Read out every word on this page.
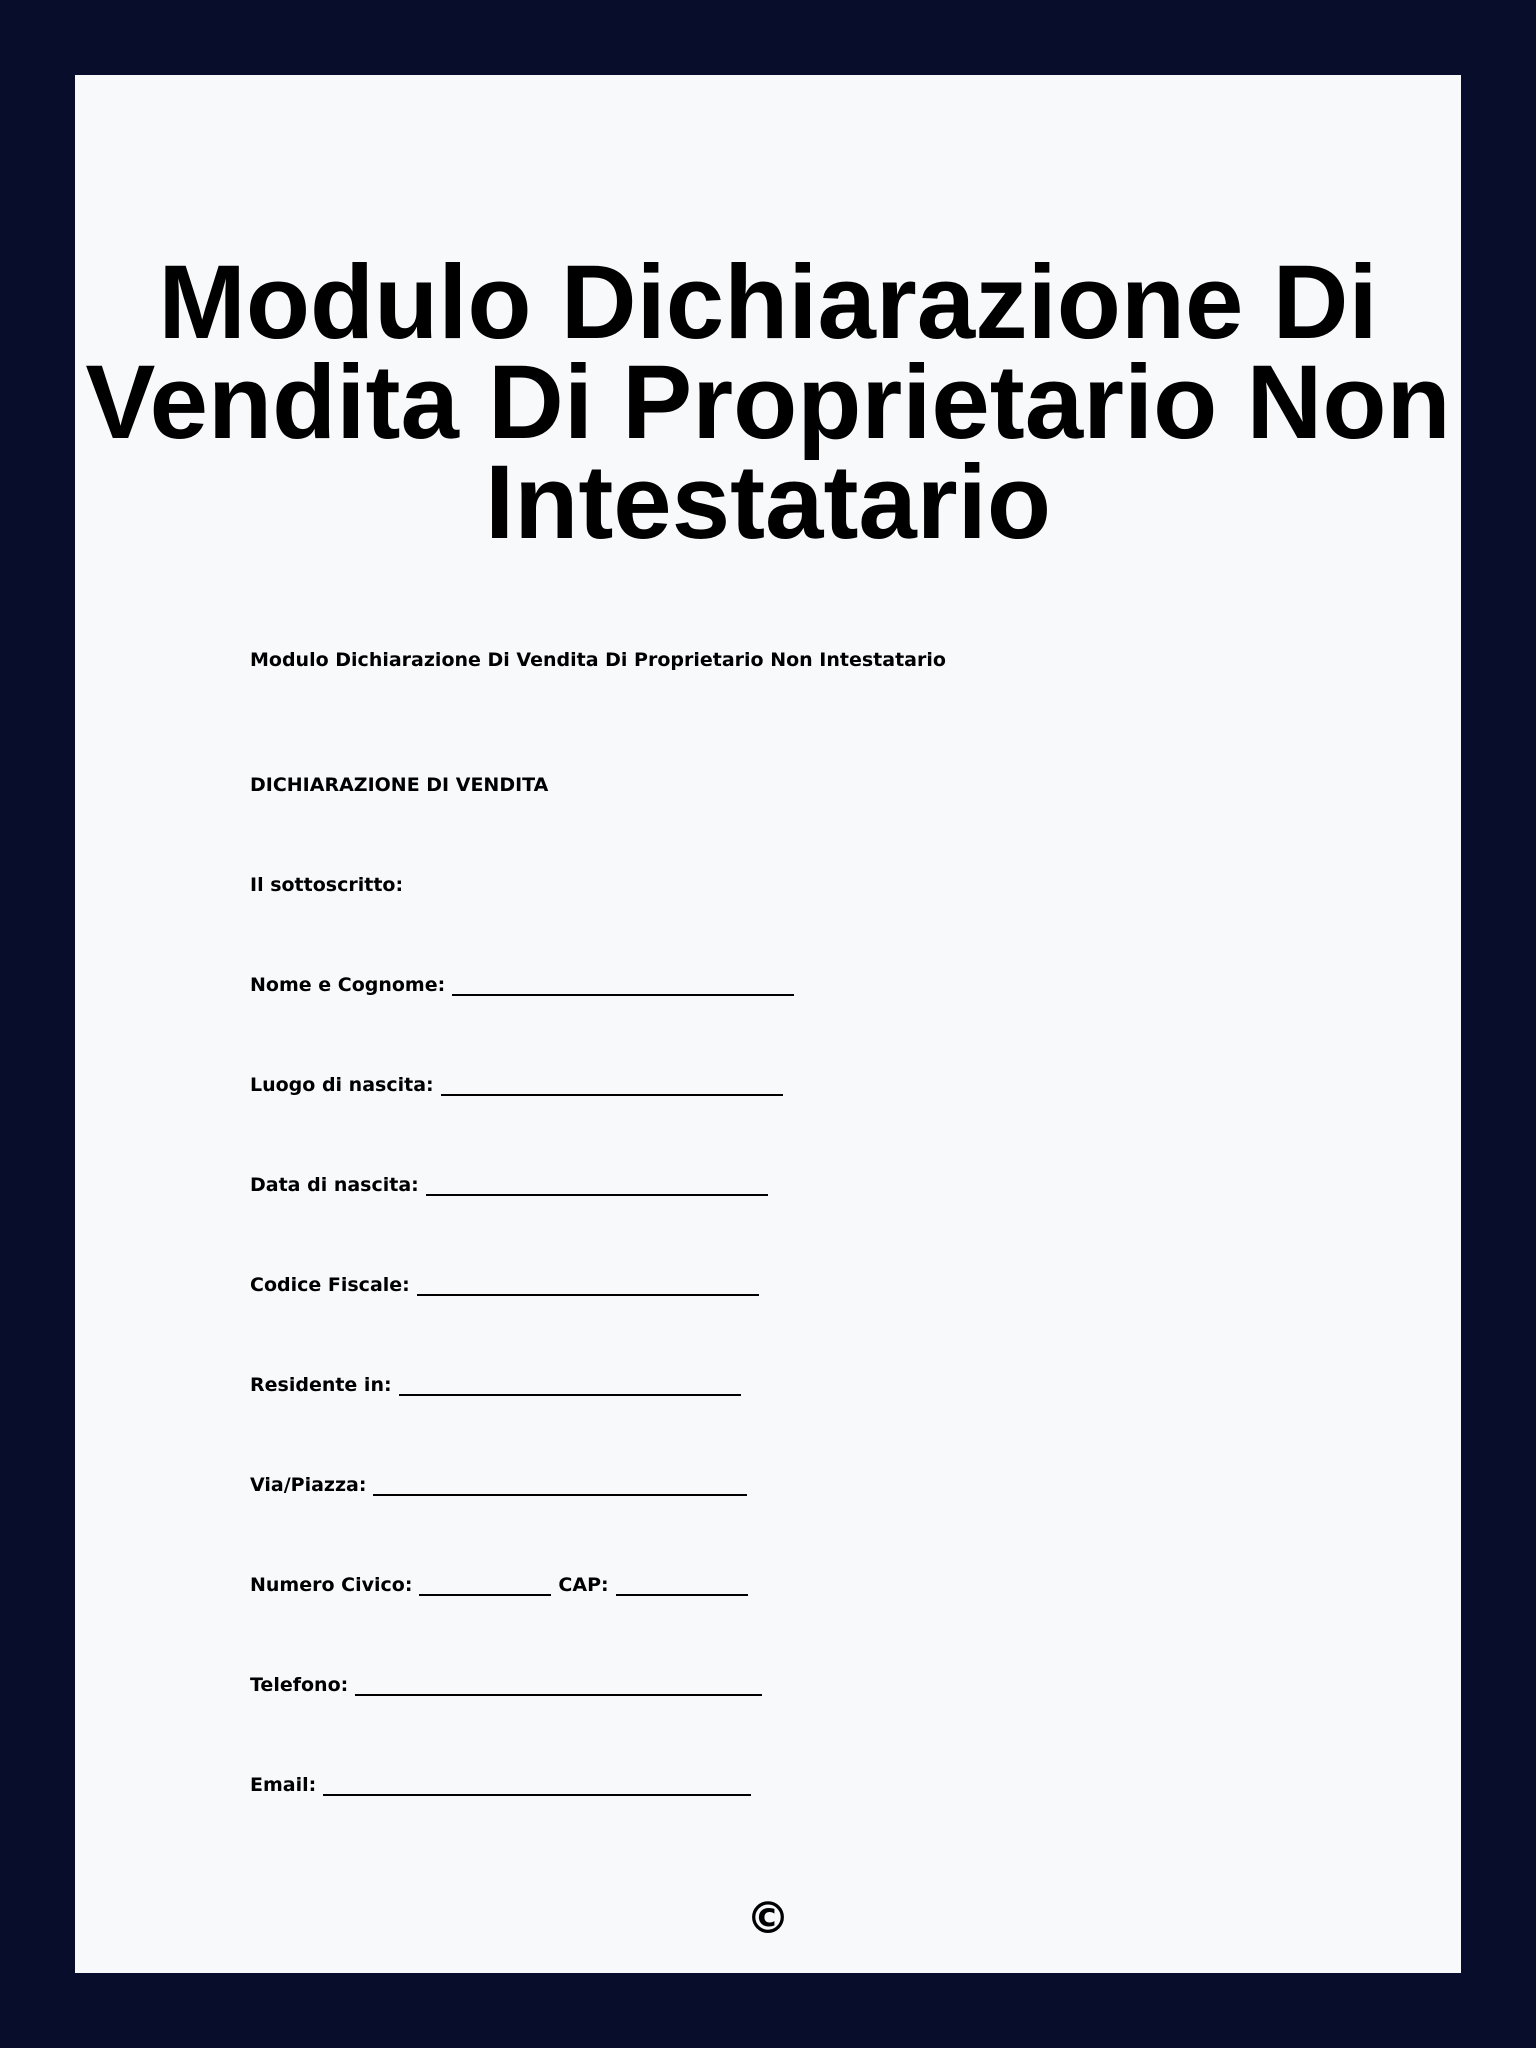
Modulo Dichiarazione Di Vendita Di Proprietario Non Intestatario
Modulo Dichiarazione Di Vendita Di Proprietario Non Intestatario
DICHIARAZIONE DI VENDITA
Il sottoscritto:
Nome e Cognome:
Luogo di nascita:
Data di nascita:
Codice Fiscale:
Residente in:
Via/Piazza:
Numero Civico:	CAP:
Telefono:
Email:
©
